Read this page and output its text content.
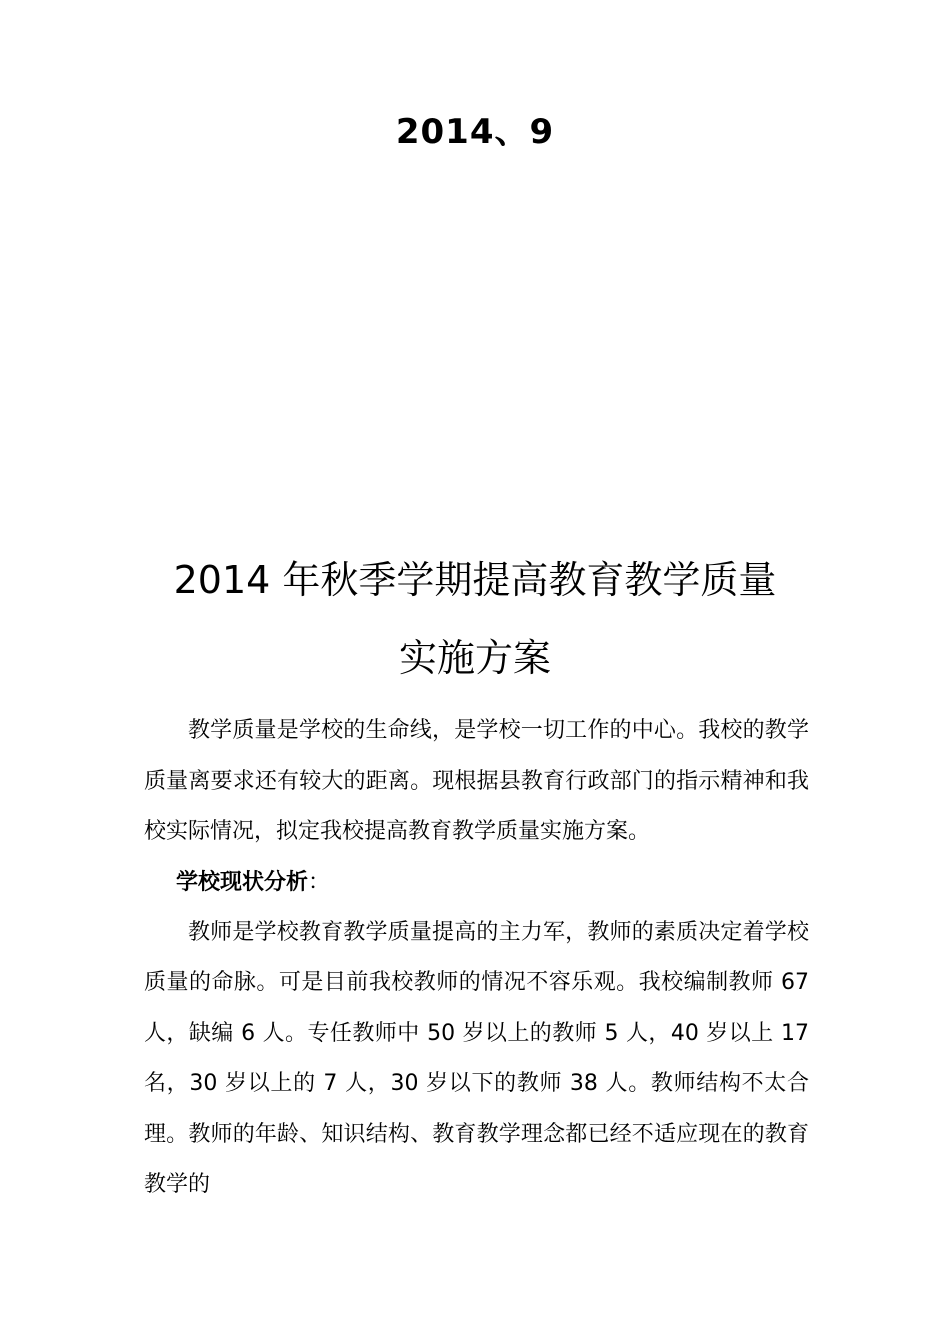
2014、9
2014 年秋季学期提高教育教学质量
实施方案

教学质量是学校的生命线，是学校一切工作的中心。我校的教学质量离要求还有较大的距离。现根据县教育行政部门的指示精神和我校实际情况，拟定我校提高教育教学质量实施方案。

学校现状分析：

教师是学校教育教学质量提高的主力军，教师的素质决定着学校质量的命脉。可是目前我校教师的情况不容乐观。我校编制教师 67 人，缺编 6 人。专任教师中 50 岁以上的教师 5 人，40 岁以上 17 名，30 岁以上的 7 人，30 岁以下的教师 38 人。教师结构不太合理。教师的年龄、知识结构、教育教学理念都已经不适应现在的教育教学的
